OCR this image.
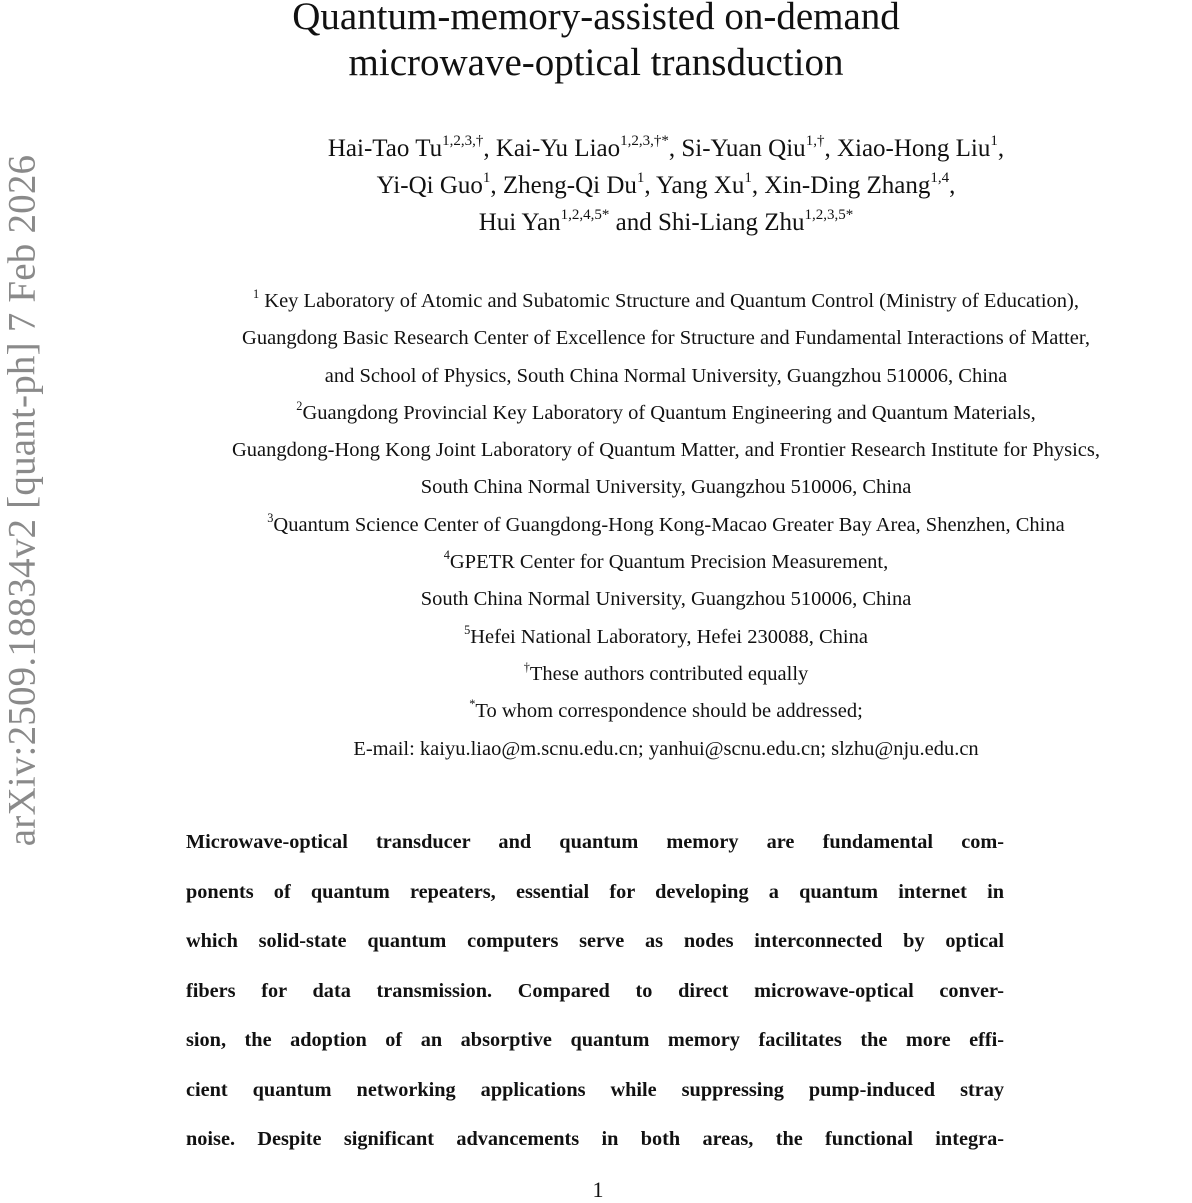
arXiv:2509.18834v2 [quant-ph] 7 Feb 2026
Quantum-memory-assisted on-demand
microwave-optical transduction
Hai-Tao $Tu^{1,2,3,\dagger}$, Kai-Yu Liao$^{1,2,3,\dagger*}$, Si-Yuan Qiu$^{1,\dagger}$, Xiao-Hong Liu$^1$,
Yi-Qi Guo$^1$, Zheng-Qi Du$^1$, Yang Xu$^1$, Xin-Ding Zhang$^{1,4}$,
Hui Yan$^{1,2,4,5*}$ and Shi-Liang Zhu$^{1,2,3,5*}$
$^1$ Key Laboratory of Atomic and Subatomic Structure and Quantum Control (Ministry of Education),
Guangdong Basic Research Center of Excellence for Structure and Fundamental Interactions of Matter,
and School of Physics, South China Normal University, Guangzhou 510006, China
$^2$Guangdong Provincial Key Laboratory of Quantum Engineering and Quantum Materials,
Guangdong-Hong Kong Joint Laboratory of Quantum Matter, and Frontier Research Institute for Physics,
South China Normal University, Guangzhou 510006, China
$^3$Quantum Science Center of Guangdong-Hong Kong-Macao Greater Bay Area, Shenzhen, China
$^4$GPETR Center for Quantum Precision Measurement,
South China Normal University, Guangzhou 510006, China
$^5$Hefei National Laboratory, Hefei 230088, China
†These authors contributed equally
*To whom correspondence should be addressed;
E-mail: kaiyu.liao@m.scnu.edu.cn; yanhui@scnu.edu.cn; slzhu@nju.edu.cn
Microwave-optical transducer and quantum memory are fundamental com-
ponents of quantum repeaters, essential for developing a quantum internet in
which solid-state quantum computers serve as nodes interconnected by optical
fibers for data transmission. Compared to direct microwave-optical conver-
sion, the adoption of an absorptive quantum memory facilitates the more effi-
cient quantum networking applications while suppressing pump-induced stray
noise. Despite significant advancements in both areas, the functional integra-
1
